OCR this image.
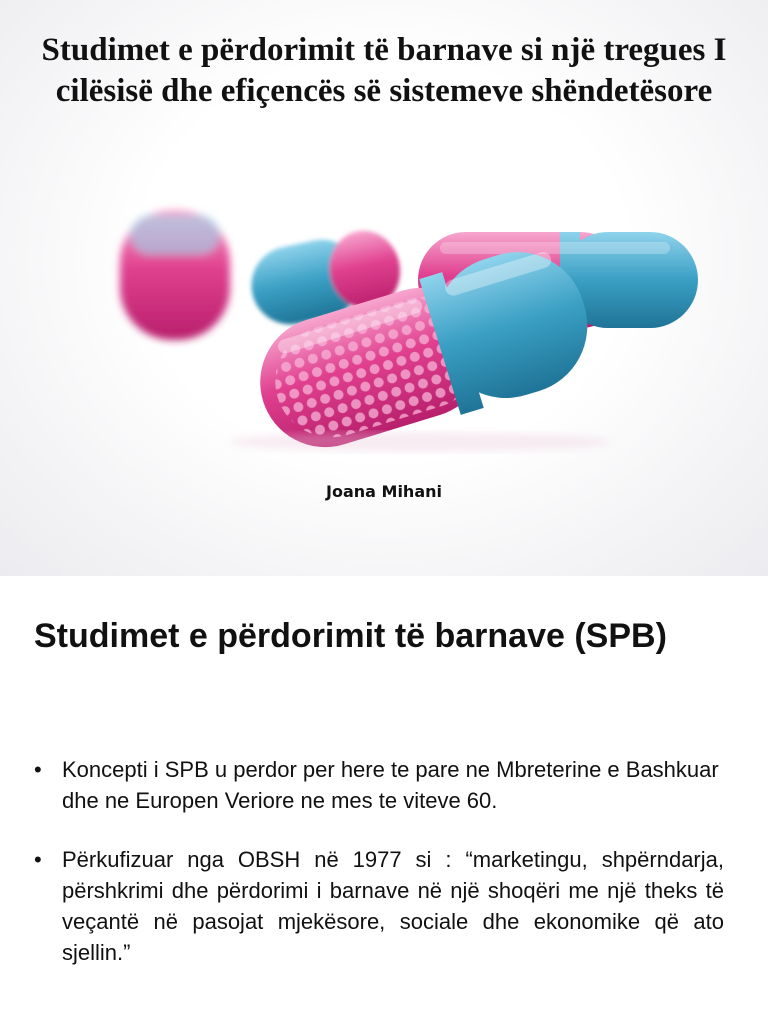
Studimet e përdorimit të barnave si një tregues I cilësisë dhe efiçencës së sistemeve shëndetësore
Joana Mihani
Studimet e përdorimit të barnave (SPB)
• Koncepti i SPB u perdor per here te pare ne Mbreterine e Bashkuar dhe ne Europen Veriore ne mes te viteve 60.
• Përkufizuar nga OBSH në 1977 si : “marketingu, shpërndarja, përshkrimi dhe përdorimi i barnave në një shoqëri me një theks të veçantë në pasojat mjekësore, sociale dhe ekonomike që ato sjellin.”
